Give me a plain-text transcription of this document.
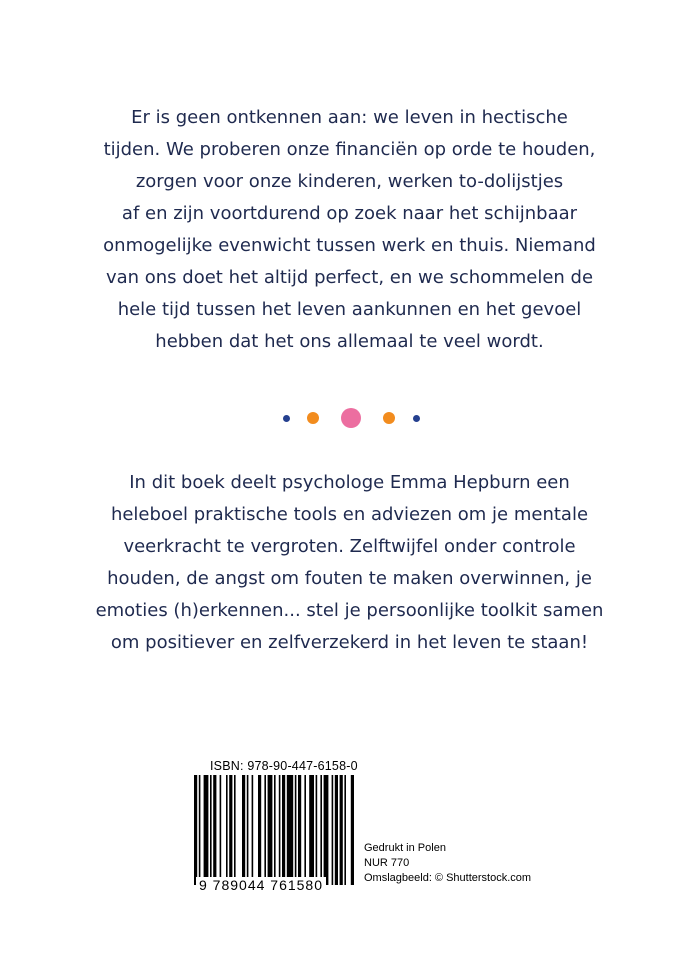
Er is geen ontkennen aan: we leven in hectische
tijden. We proberen onze financiën op orde te houden,
zorgen voor onze kinderen, werken to-dolijstjes
af en zijn voortdurend op zoek naar het schijnbaar
onmogelijke evenwicht tussen werk en thuis. Niemand
van ons doet het altijd perfect, en we schommelen de
hele tijd tussen het leven aankunnen en het gevoel
hebben dat het ons allemaal te veel wordt.
In dit boek deelt psychologe Emma Hepburn een
heleboel praktische tools en adviezen om je mentale
veerkracht te vergroten. Zelftwijfel onder controle
houden, de angst om fouten te maken overwinnen, je
emoties (h)erkennen... stel je persoonlijke toolkit samen
om positiever en zelfverzekerd in het leven te staan!
ISBN: 978-90-447-6158-0
9 789044 761580
Gedrukt in Polen
NUR 770
Omslagbeeld: © Shutterstock.com
